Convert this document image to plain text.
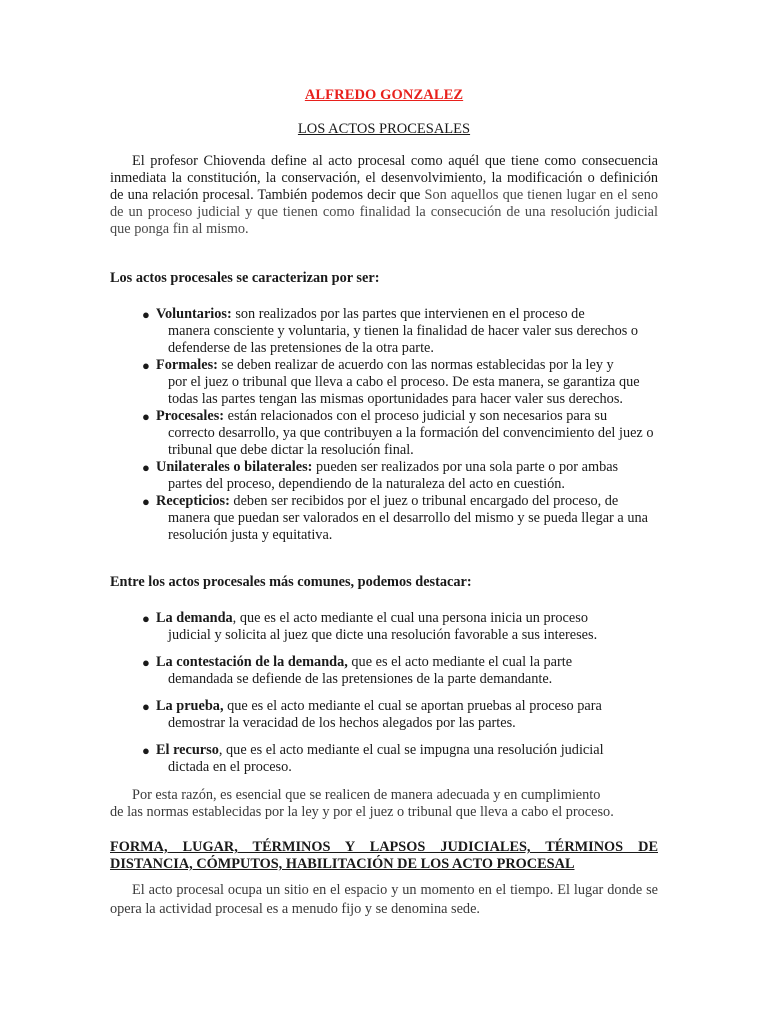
ALFREDO GONZALEZ
LOS ACTOS PROCESALES

El profesor Chiovenda define al acto procesal como aquél que tiene como consecuencia inmediata la constitución, la conservación, el desenvolvimiento, la modificación o definición de una relación procesal. También podemos decir que Son aquellos que tienen lugar en el seno de un proceso judicial y que tienen como finalidad la consecución de una resolución judicial que ponga fin al mismo.

Los actos procesales se caracterizan por ser:

● Voluntarios: son realizados por las partes que intervienen en el proceso de
manera consciente y voluntaria, y tienen la finalidad de hacer valer sus derechos o defenderse de las pretensiones de la otra parte.
● Formales: se deben realizar de acuerdo con las normas establecidas por la ley y
por el juez o tribunal que lleva a cabo el proceso. De esta manera, se garantiza que todas las partes tengan las mismas oportunidades para hacer valer sus derechos.
● Procesales: están relacionados con el proceso judicial y son necesarios para su
correcto desarrollo, ya que contribuyen a la formación del convencimiento del juez o tribunal que debe dictar la resolución final.
● Unilaterales o bilaterales: pueden ser realizados por una sola parte o por ambas
partes del proceso, dependiendo de la naturaleza del acto en cuestión.
● Recepticios: deben ser recibidos por el juez o tribunal encargado del proceso, de
manera que puedan ser valorados en el desarrollo del mismo y se pueda llegar a una resolución justa y equitativa.

Entre los actos procesales más comunes, podemos destacar:

● La demanda, que es el acto mediante el cual una persona inicia un proceso
judicial y solicita al juez que dicte una resolución favorable a sus intereses.
● La contestación de la demanda, que es el acto mediante el cual la parte
demandada se defiende de las pretensiones de la parte demandante.
● La prueba, que es el acto mediante el cual se aportan pruebas al proceso para
demostrar la veracidad de los hechos alegados por las partes.
● El recurso, que es el acto mediante el cual se impugna una resolución judicial
dictada en el proceso.

Por esta razón, es esencial que se realicen de manera adecuada y en cumplimiento
de las normas establecidas por la ley y por el juez o tribunal que lleva a cabo el proceso.

FORMA, LUGAR, TÉRMINOS Y LAPSOS JUDICIALES, TÉRMINOS DE DISTANCIA, CÓMPUTOS, HABILITACIÓN DE LOS ACTO PROCESAL

El acto procesal ocupa un sitio en el espacio y un momento en el tiempo. El lugar donde se opera la actividad procesal es a menudo fijo y se denomina sede.
